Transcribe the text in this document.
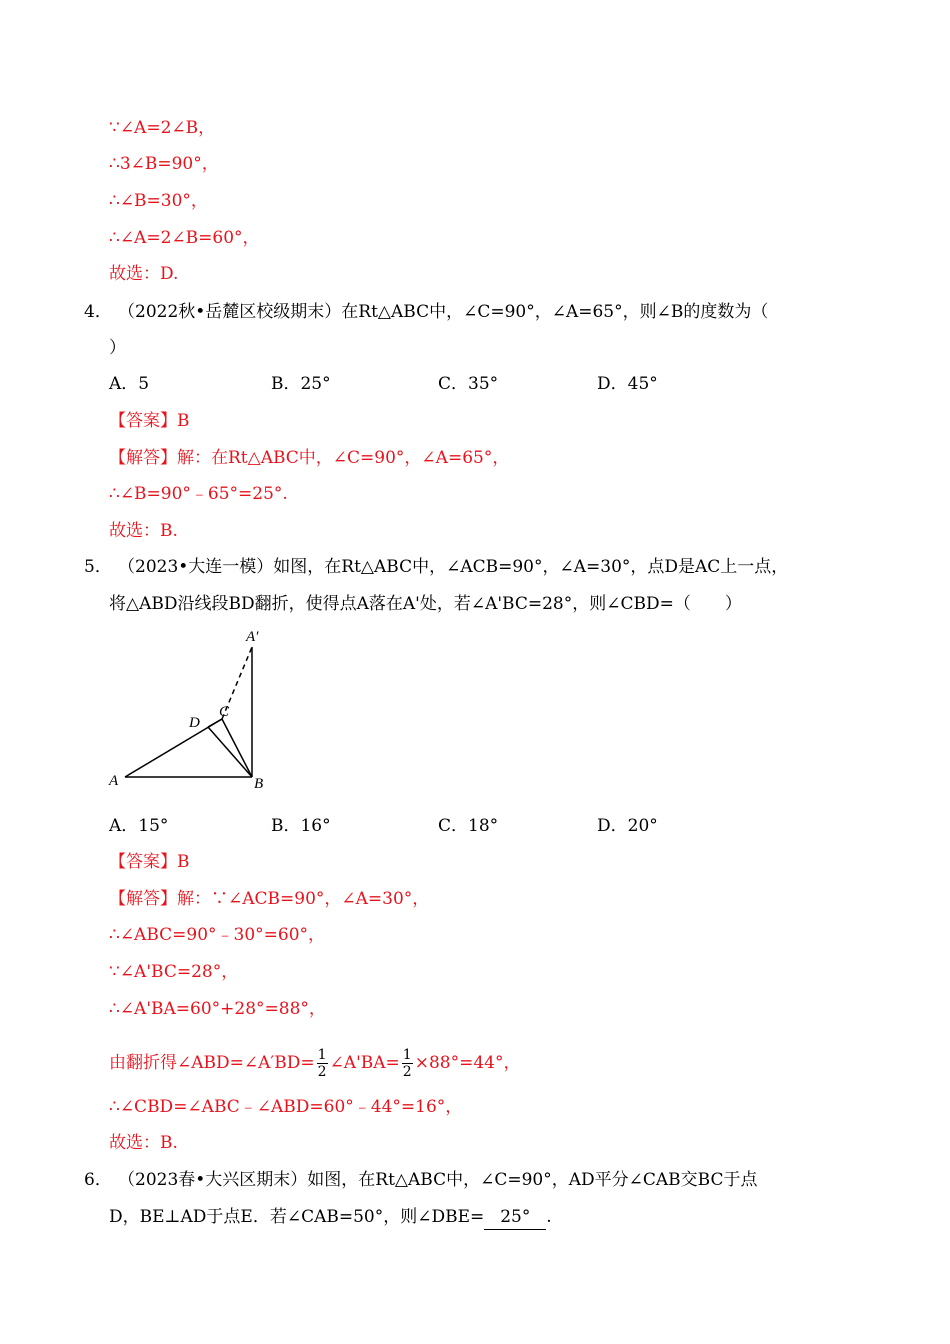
∵∠A=2∠B，
∴3∠B=90°，
∴∠B=30°，
∴∠A=2∠B=60°，
故选：D.
4． （2022秋•岳麓区校级期末）在Rt△ABC中，∠C=90°，∠A=65°，则∠B的度数为（
）
A．5	B．25°	C．35°	D．45°
【答案】B
【解答】解：在Rt△ABC中，∠C=90°，∠A=65°，
∴∠B=90°﹣65°=25°.
故选：B.
5． （2023•大连一模）如图，在Rt△ABC中，∠ACB=90°，∠A=30°，点D是AC上一点，
将△ABD沿线段BD翻折，使得点A落在A'处，若∠A'BC=28°，则∠CBD=（　　）
A′
D
C
A	B
A．15°	B．16°	C．18°	D．20°
【答案】B
【解答】解：∵∠ACB=90°，∠A=30°，
∴∠ABC=90°﹣30°=60°，
∵∠A'BC=28°，
∴∠A'BA=60°+28°=88°，
由翻折得∠ABD=∠A′BD= $\frac{1}{2}$ ∠A'BA= $\frac{1}{2} \times 88^\circ=44^\circ$，
∴∠CBD=∠ABC﹣∠ABD=60°﹣44°=16°，
故选：B.
6． （2023春•大兴区期末）如图，在Rt△ABC中，∠C=90°，AD平分∠CAB交BC于点
D，BE⊥AD于点E．若∠CAB=50°，则∠DBE= 25° .
